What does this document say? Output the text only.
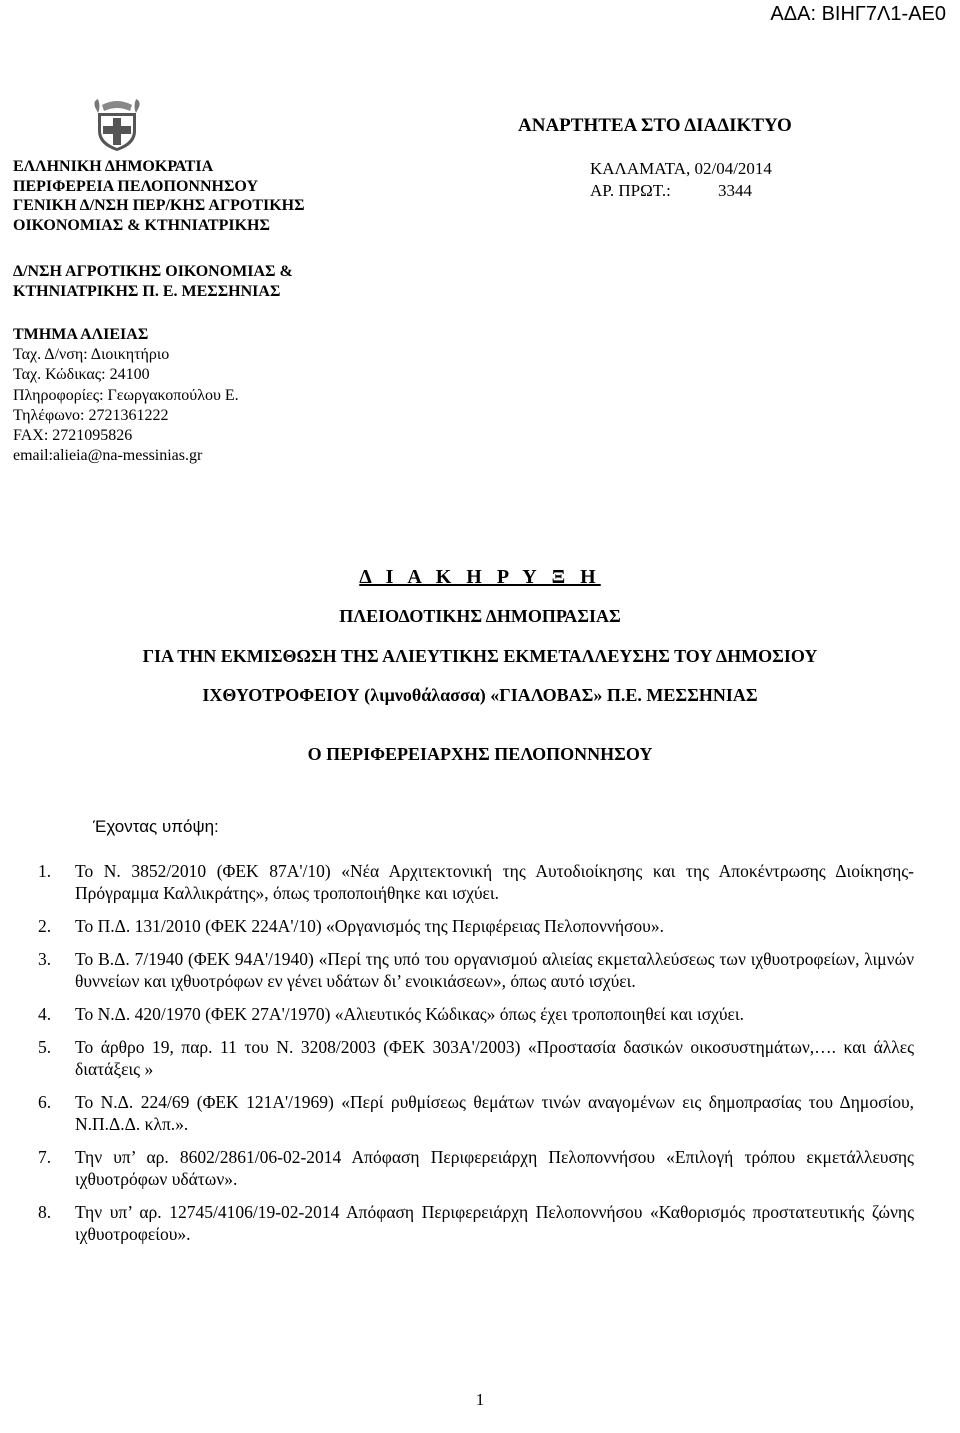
ΑΔΑ: ΒΙΗΓ7Λ1-ΑΕ0
ΕΛΛΗΝΙΚΗ ΔΗΜΟΚΡΑΤΙΑ
ΠΕΡΙΦΕΡΕΙΑ ΠΕΛΟΠΟΝΝΗΣΟΥ
ΓΕΝΙΚΗ Δ/ΝΣΗ ΠΕΡ/ΚΗΣ ΑΓΡΟΤΙΚΗΣ
ΟΙΚΟΝΟΜΙΑΣ & ΚΤΗΝΙΑΤΡΙΚΗΣ
Δ/ΝΣΗ ΑΓΡΟΤΙΚΗΣ ΟΙΚΟΝΟΜΙΑΣ &
ΚΤΗΝΙΑΤΡΙΚΗΣ Π. Ε. ΜΕΣΣΗΝΙΑΣ
ΤΜΗΜΑ ΑΛΙΕΙΑΣ
Ταχ. Δ/νση: Διοικητήριο
Ταχ. Κώδικας: 24100
Πληροφορίες: Γεωργακοπούλου Ε.
Τηλέφωνο: 2721361222
FAX: 2721095826
email:alieia@na-messinias.gr
ΑΝΑΡΤΗΤΕΑ ΣΤΟ ΔΙΑΔΙΚΤΥΟ
ΚΑΛΑΜΑΤΑ, 02/04/2014
ΑΡ. ΠΡΩΤ.:	3344
Δ Ι Α Κ Η Ρ Υ Ξ Η
ΠΛΕΙΟΔΟΤΙΚΗΣ ΔΗΜΟΠΡΑΣΙΑΣ
ΓΙΑ ΤΗΝ ΕΚΜΙΣΘΩΣΗ ΤΗΣ ΑΛΙΕΥΤΙΚΗΣ ΕΚΜΕΤΑΛΛΕΥΣΗΣ ΤΟΥ ΔΗΜΟΣΙΟΥ
ΙΧΘΥΟΤΡΟΦΕΙΟΥ (λιμνοθάλασσα) «ΓΙΑΛΟΒΑΣ» Π.Ε. ΜΕΣΣΗΝΙΑΣ
Ο ΠΕΡΙΦΕΡΕΙΑΡΧΗΣ ΠΕΛΟΠΟΝΝΗΣΟΥ
Έχοντας υπόψη:
1.	Το Ν. 3852/2010 (ΦΕΚ 87Α'/10) «Νέα Αρχιτεκτονική της Αυτοδιοίκησης και της Αποκέντρωσης Διοίκησης-Πρόγραμμα Καλλικράτης», όπως τροποποιήθηκε και ισχύει.
2.	Το Π.Δ. 131/2010 (ΦΕΚ 224Α'/10) «Οργανισμός της Περιφέρειας Πελοποννήσου».
3.	Το Β.Δ. 7/1940 (ΦΕΚ 94Α'/1940) «Περί της υπό του οργανισμού αλιείας εκμεταλλεύσεως των ιχθυοτροφείων, λιμνών θυννείων και ιχθυοτρόφων εν γένει υδάτων δι’ ενοικιάσεων», όπως αυτό ισχύει.
4.	Το Ν.Δ. 420/1970 (ΦΕΚ 27Α'/1970) «Αλιευτικός Κώδικας» όπως έχει τροποποιηθεί και ισχύει.
5.	Το άρθρο 19, παρ. 11 του Ν. 3208/2003 (ΦΕΚ 303Α'/2003) «Προστασία δασικών οικοσυστημάτων,…. και άλλες διατάξεις »
6.	Το Ν.Δ. 224/69 (ΦΕΚ 121Α'/1969) «Περί ρυθμίσεως θεμάτων τινών αναγομένων εις δημοπρασίας του Δημοσίου, Ν.Π.Δ.Δ. κλπ.».
7.	Την υπ’ αρ. 8602/2861/06-02-2014 Απόφαση Περιφερειάρχη Πελοποννήσου «Επιλογή τρόπου εκμετάλλευσης ιχθυοτρόφων υδάτων».
8.	Την υπ’ αρ. 12745/4106/19-02-2014 Απόφαση Περιφερειάρχη Πελοποννήσου «Καθορισμός προστατευτικής ζώνης ιχθυοτροφείου».
1
